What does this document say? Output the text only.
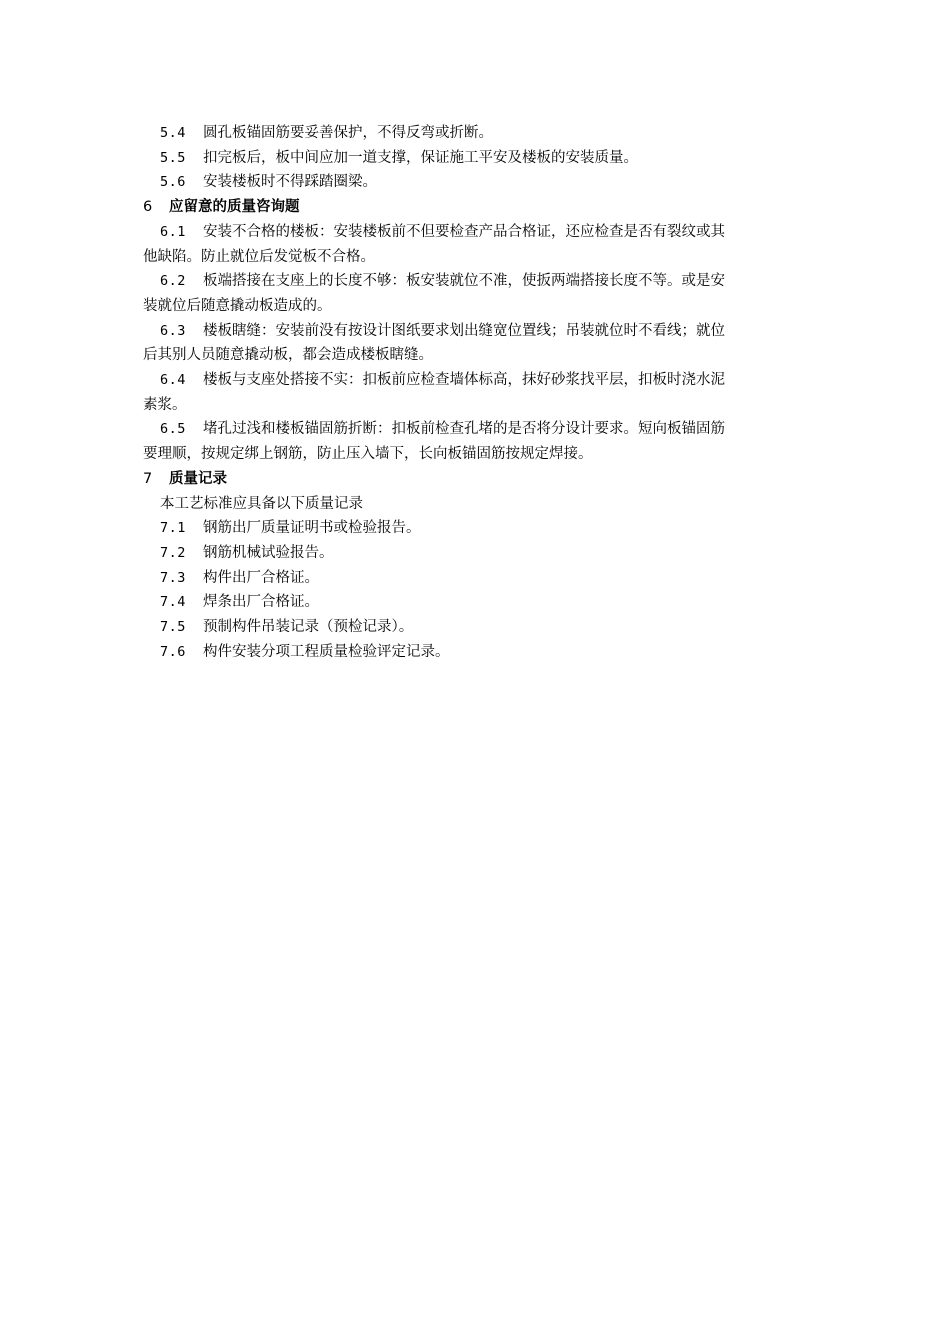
5.4 圆孔板锚固筋要妥善保护，不得反弯或折断。
5.5 扣完板后，板中间应加一道支撑，保证施工平安及楼板的安装质量。
5.6 安装楼板时不得踩踏圈梁。
6 应留意的质量咨询题
6.1 安装不合格的楼板：安装楼板前不但要检查产品合格证，还应检查是否有裂纹或其
他缺陷。防止就位后发觉板不合格。
6.2 板端搭接在支座上的长度不够：板安装就位不准，使扳两端搭接长度不等。或是安
装就位后随意撬动板造成的。
6.3 楼板瞎缝：安装前没有按设计图纸要求划出缝宽位置线；吊装就位时不看线；就位
后其别人员随意撬动板，都会造成楼板瞎缝。
6.4 楼板与支座处搭接不实：扣板前应检查墙体标高，抹好砂浆找平层，扣板时浇水泥
素浆。
6.5 堵孔过浅和楼板锚固筋折断：扣板前检查孔堵的是否将分设计要求。短向板锚固筋
要理顺，按规定绑上钢筋，防止压入墙下，长向板锚固筋按规定焊接。
7 质量记录
本工艺标准应具备以下质量记录
7.1 钢筋出厂质量证明书或检验报告。
7.2 钢筋机械试验报告。
7.3 构件出厂合格证。
7.4 焊条出厂合格证。
7.5 预制构件吊装记录（预检记录）。
7.6 构件安装分项工程质量检验评定记录。
